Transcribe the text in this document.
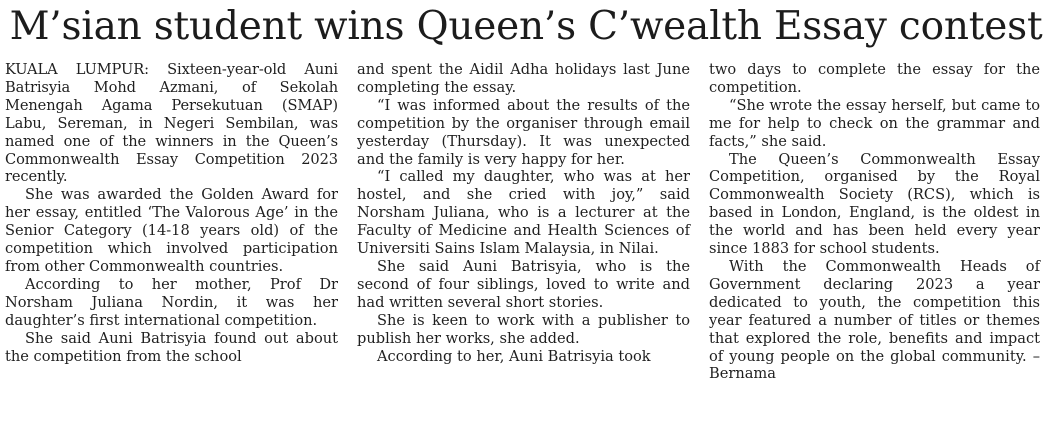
M’sian student wins Queen’s C’wealth Essay contest

KUALA LUMPUR: Sixteen-year-old Auni Batrisyia Mohd Azmani, of Sekolah Menengah Agama Persekutuan (SMAP) Labu, Sereman, in Negeri Sembilan, was named one of the winners in the Queen’s Commonwealth Essay Competition 2023 recently.

She was awarded the Golden Award for her essay, entitled ‘The Valorous Age’ in the Senior Category (14-18 years old) of the competition which involved participation from other Commonwealth countries.

According to her mother, Prof Dr Norsham Juliana Nordin, it was her daughter’s first international competition.

She said Auni Batrisyia found out about the competition from the school

and spent the Aidil Adha holidays last June completing the essay.

“I was informed about the results of the competition by the organiser through email yesterday (Thursday). It was unexpected and the family is very happy for her.

“I called my daughter, who was at her hostel, and she cried with joy,” said Norsham Juliana, who is a lecturer at the Faculty of Medicine and Health Sciences of Universiti Sains Islam Malaysia, in Nilai.

She said Auni Batrisyia, who is the second of four siblings, loved to write and had written several short stories.

She is keen to work with a publisher to publish her works, she added.

According to her, Auni Batrisyia took

two days to complete the essay for the competition.

“She wrote the essay herself, but came to me for help to check on the grammar and facts,” she said.

The Queen’s Commonwealth Essay Competition, organised by the Royal Commonwealth Society (RCS), which is based in London, England, is the oldest in the world and has been held every year since 1883 for school students.

With the Commonwealth Heads of Government declaring 2023 a year dedicated to youth, the competition this year featured a number of titles or themes that explored the role, benefits and impact of young people on the global community. – Bernama
